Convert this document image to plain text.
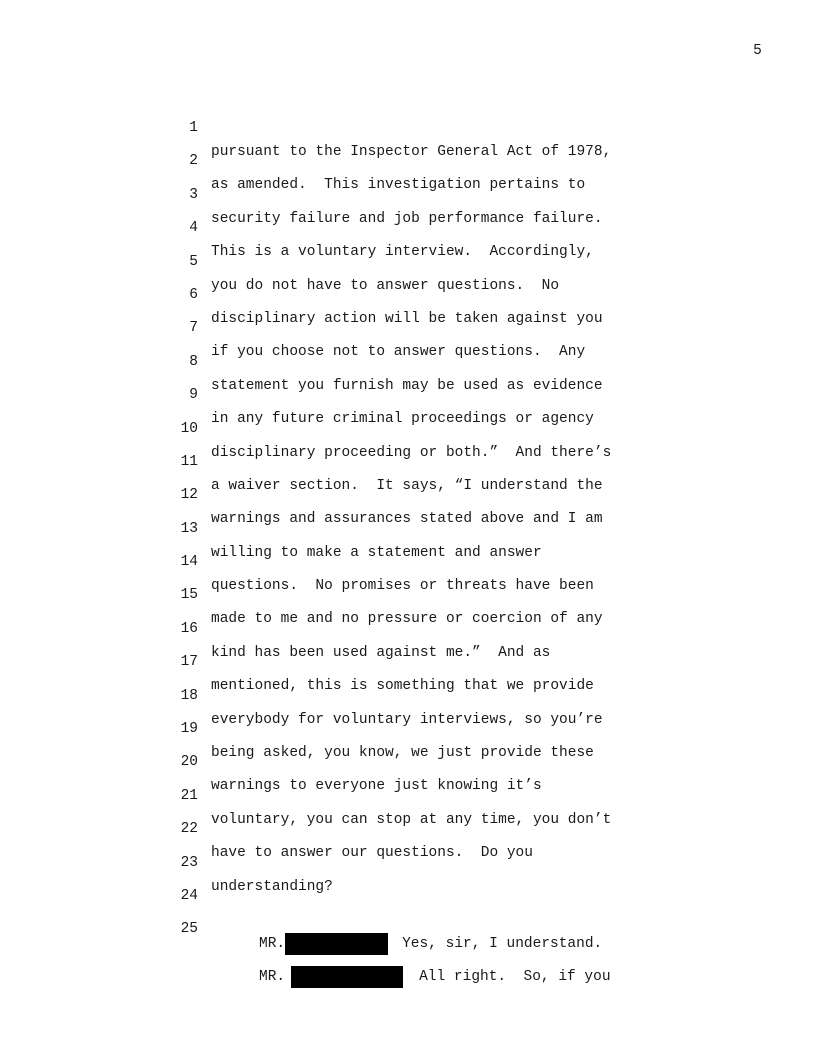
5

1

pursuant to the Inspector General Act of 1978,

2

as amended.  This investigation pertains to

3

security failure and job performance failure.

4

This is a voluntary interview.  Accordingly,

5

you do not have to answer questions.  No

6

disciplinary action will be taken against you

7

if you choose not to answer questions.  Any

8

statement you furnish may be used as evidence

9

in any future criminal proceedings or agency

10

disciplinary proceeding or both.”  And there’s

11

a waiver section.  It says, “I understand the

12

warnings and assurances stated above and I am

13

willing to make a statement and answer

14

questions.  No promises or threats have been

15

made to me and no pressure or coercion of any

16

kind has been used against me.”  And as

17

mentioned, this is something that we provide

18

everybody for voluntary interviews, so you’re

19

being asked, you know, we just provide these

20

warnings to everyone just knowing it’s

21

voluntary, you can stop at any time, you don’t

22

have to answer our questions.  Do you

23

understanding?

24

MR.	Yes, sir, I understand.

25

MR.	All right.  So, if you
